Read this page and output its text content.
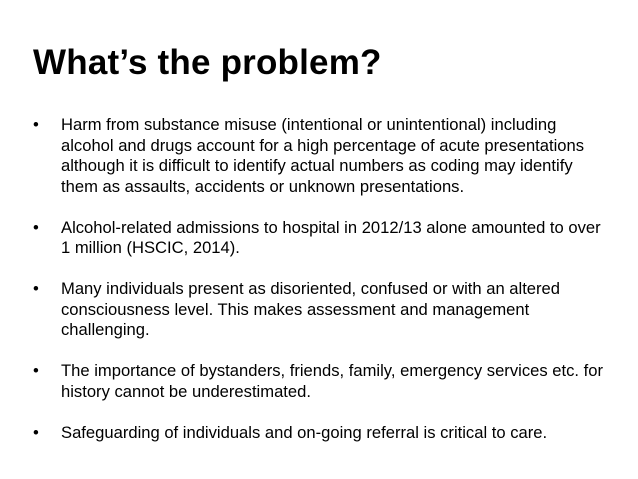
What’s the problem?
•	Harm from substance misuse (intentional or unintentional) including alcohol and drugs account for a high percentage of acute presentations although it is difficult to identify actual numbers as coding may identify them as assaults, accidents or unknown presentations.
•	Alcohol-related admissions to hospital in 2012/13 alone amounted to over 1 million (HSCIC, 2014).
•	Many individuals present as disoriented, confused or with an altered consciousness level. This makes assessment and management challenging.
•	The importance of bystanders, friends, family, emergency services etc. for history cannot be underestimated.
•	Safeguarding of individuals and on-going referral is critical to care.
